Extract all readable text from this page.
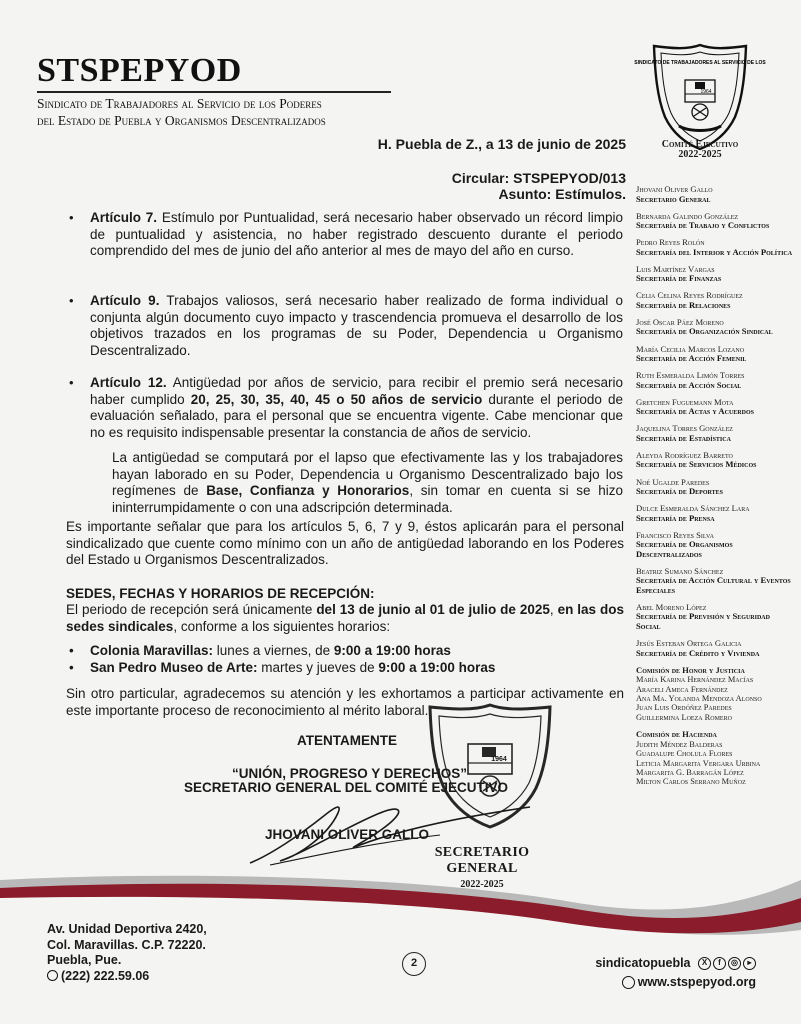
STSPEPYOD
Sindicato de Trabajadores al Servicio de los Poderes
del Estado de Puebla y Organismos Descentralizados
SINDICATO DE TRABAJADORES AL SERVICIO DE LOS
1964
Comité Ejecutivo
2022-2025
H. Puebla de Z., a 13 de junio de 2025
Circular: STSPEPYOD/013
Asunto: Estímulos. Jhovani Oliver Gallo
Secretario General
Bernarda Galindo González
Secretaría de Trabajo y Conflictos
Pedro Reyes Rolón
Secretaría del Interior y Acción Política
Luis Martínez Vargas
Secretaría de Finanzas
Celia Celina Reyes Rodríguez
Secretaría de Relaciones
José Oscar Páez Moreno
Secretaría de Organización Sindical
María Cecilia Marcos Lozano
Secretaría de Acción Femenil
Ruth Esmeralda Limón Torres
Secretaría de Acción Social
Gretchen Fuguemann Mota
Secretaría de Actas y Acuerdos
Jaquelina Torres González
Secretaría de Estadística
Aleyda Rodríguez Barreto
Secretaría de Servicios Médicos
Noé Ugalde Paredes
Secretaría de Deportes
Dulce Esmeralda Sánchez Lara
Secretaría de Prensa
Francisco Reyes Silva
Secretaría de Organismos Descentralizados
Beatriz Sumano Sánchez
Secretaría de Acción Cultural y Eventos Especiales
Abel Moreno López
Secretaría de Previsión y Seguridad Social
Jesús Esteban Ortega Galicia
Secretaría de Crédito y Vivienda
Comisión de Honor y Justicia
María Karina Hernández Macías
Araceli Ameca Fernández
Ana Ma. Yolanda Mendoza Alonso
Juan Luis Ordóñez Paredes
Guillermina Loeza Romero
Comisión de Hacienda
Judith Méndez Balderas
Guadalupe Cholula Flores
Leticia Margarita Vergara Urbina
Margarita G. Barragán López
Milton Carlos Serrano Muñoz
• Artículo 7. Estímulo por Puntualidad, será necesario haber observado un récord limpio de puntualidad y asistencia, no haber registrado descuento durante el periodo comprendido del mes de junio del año anterior al mes de mayo del año en curso.
• Artículo 9. Trabajos valiosos, será necesario haber realizado de forma individual o conjunta algún documento cuyo impacto y trascendencia promueva el desarrollo de los objetivos trazados en los programas de su Poder, Dependencia u Organismo Descentralizado.
• Artículo 12. Antigüedad por años de servicio, para recibir el premio será necesario haber cumplido 20, 25, 30, 35, 40, 45 o 50 años de servicio durante el periodo de evaluación señalado, para el personal que se encuentra vigente. Cabe mencionar que no es requisito indispensable presentar la constancia de años de servicio.
La antigüedad se computará por el lapso que efectivamente las y los trabajadores hayan laborado en su Poder, Dependencia u Organismo Descentralizado bajo los regímenes de Base, Confianza y Honorarios, sin tomar en cuenta si se hizo ininterrumpidamente o con una adscripción determinada.
Es importante señalar que para los artículos 5, 6, 7 y 9, éstos aplicarán para el personal sindicalizado que cuente como mínimo con un año de antigüedad laborando en los Poderes del Estado u Organismos Descentralizados.
SEDES, FECHAS Y HORARIOS DE RECEPCIÓN:
El periodo de recepción será únicamente del 13 de junio al 01 de julio de 2025, en las dos sedes sindicales, conforme a los siguientes horarios:
• Colonia Maravillas: lunes a viernes, de 9:00 a 19:00 horas
• San Pedro Museo de Arte: martes y jueves de 9:00 a 19:00 horas
Sin otro particular, agradecemos su atención y les exhortamos a participar activamente en este importante proceso de reconocimiento al mérito laboral.
1964
ATENTAMENTE
“UNIÓN, PROGRESO Y DERECHOS”
SECRETARIO GENERAL DEL COMITÉ EJECUTIVO
JHOVANI OLIVER GALLO
SECRETARIO GENERAL
2022-2025
Av. Unidad Deportiva 2420,
Col. Maravillas. C.P. 72220.
Puebla, Pue.
(222) 222.59.06
2	sindicatopuebla	X	f	◎	▸
www.stspepyod.org
